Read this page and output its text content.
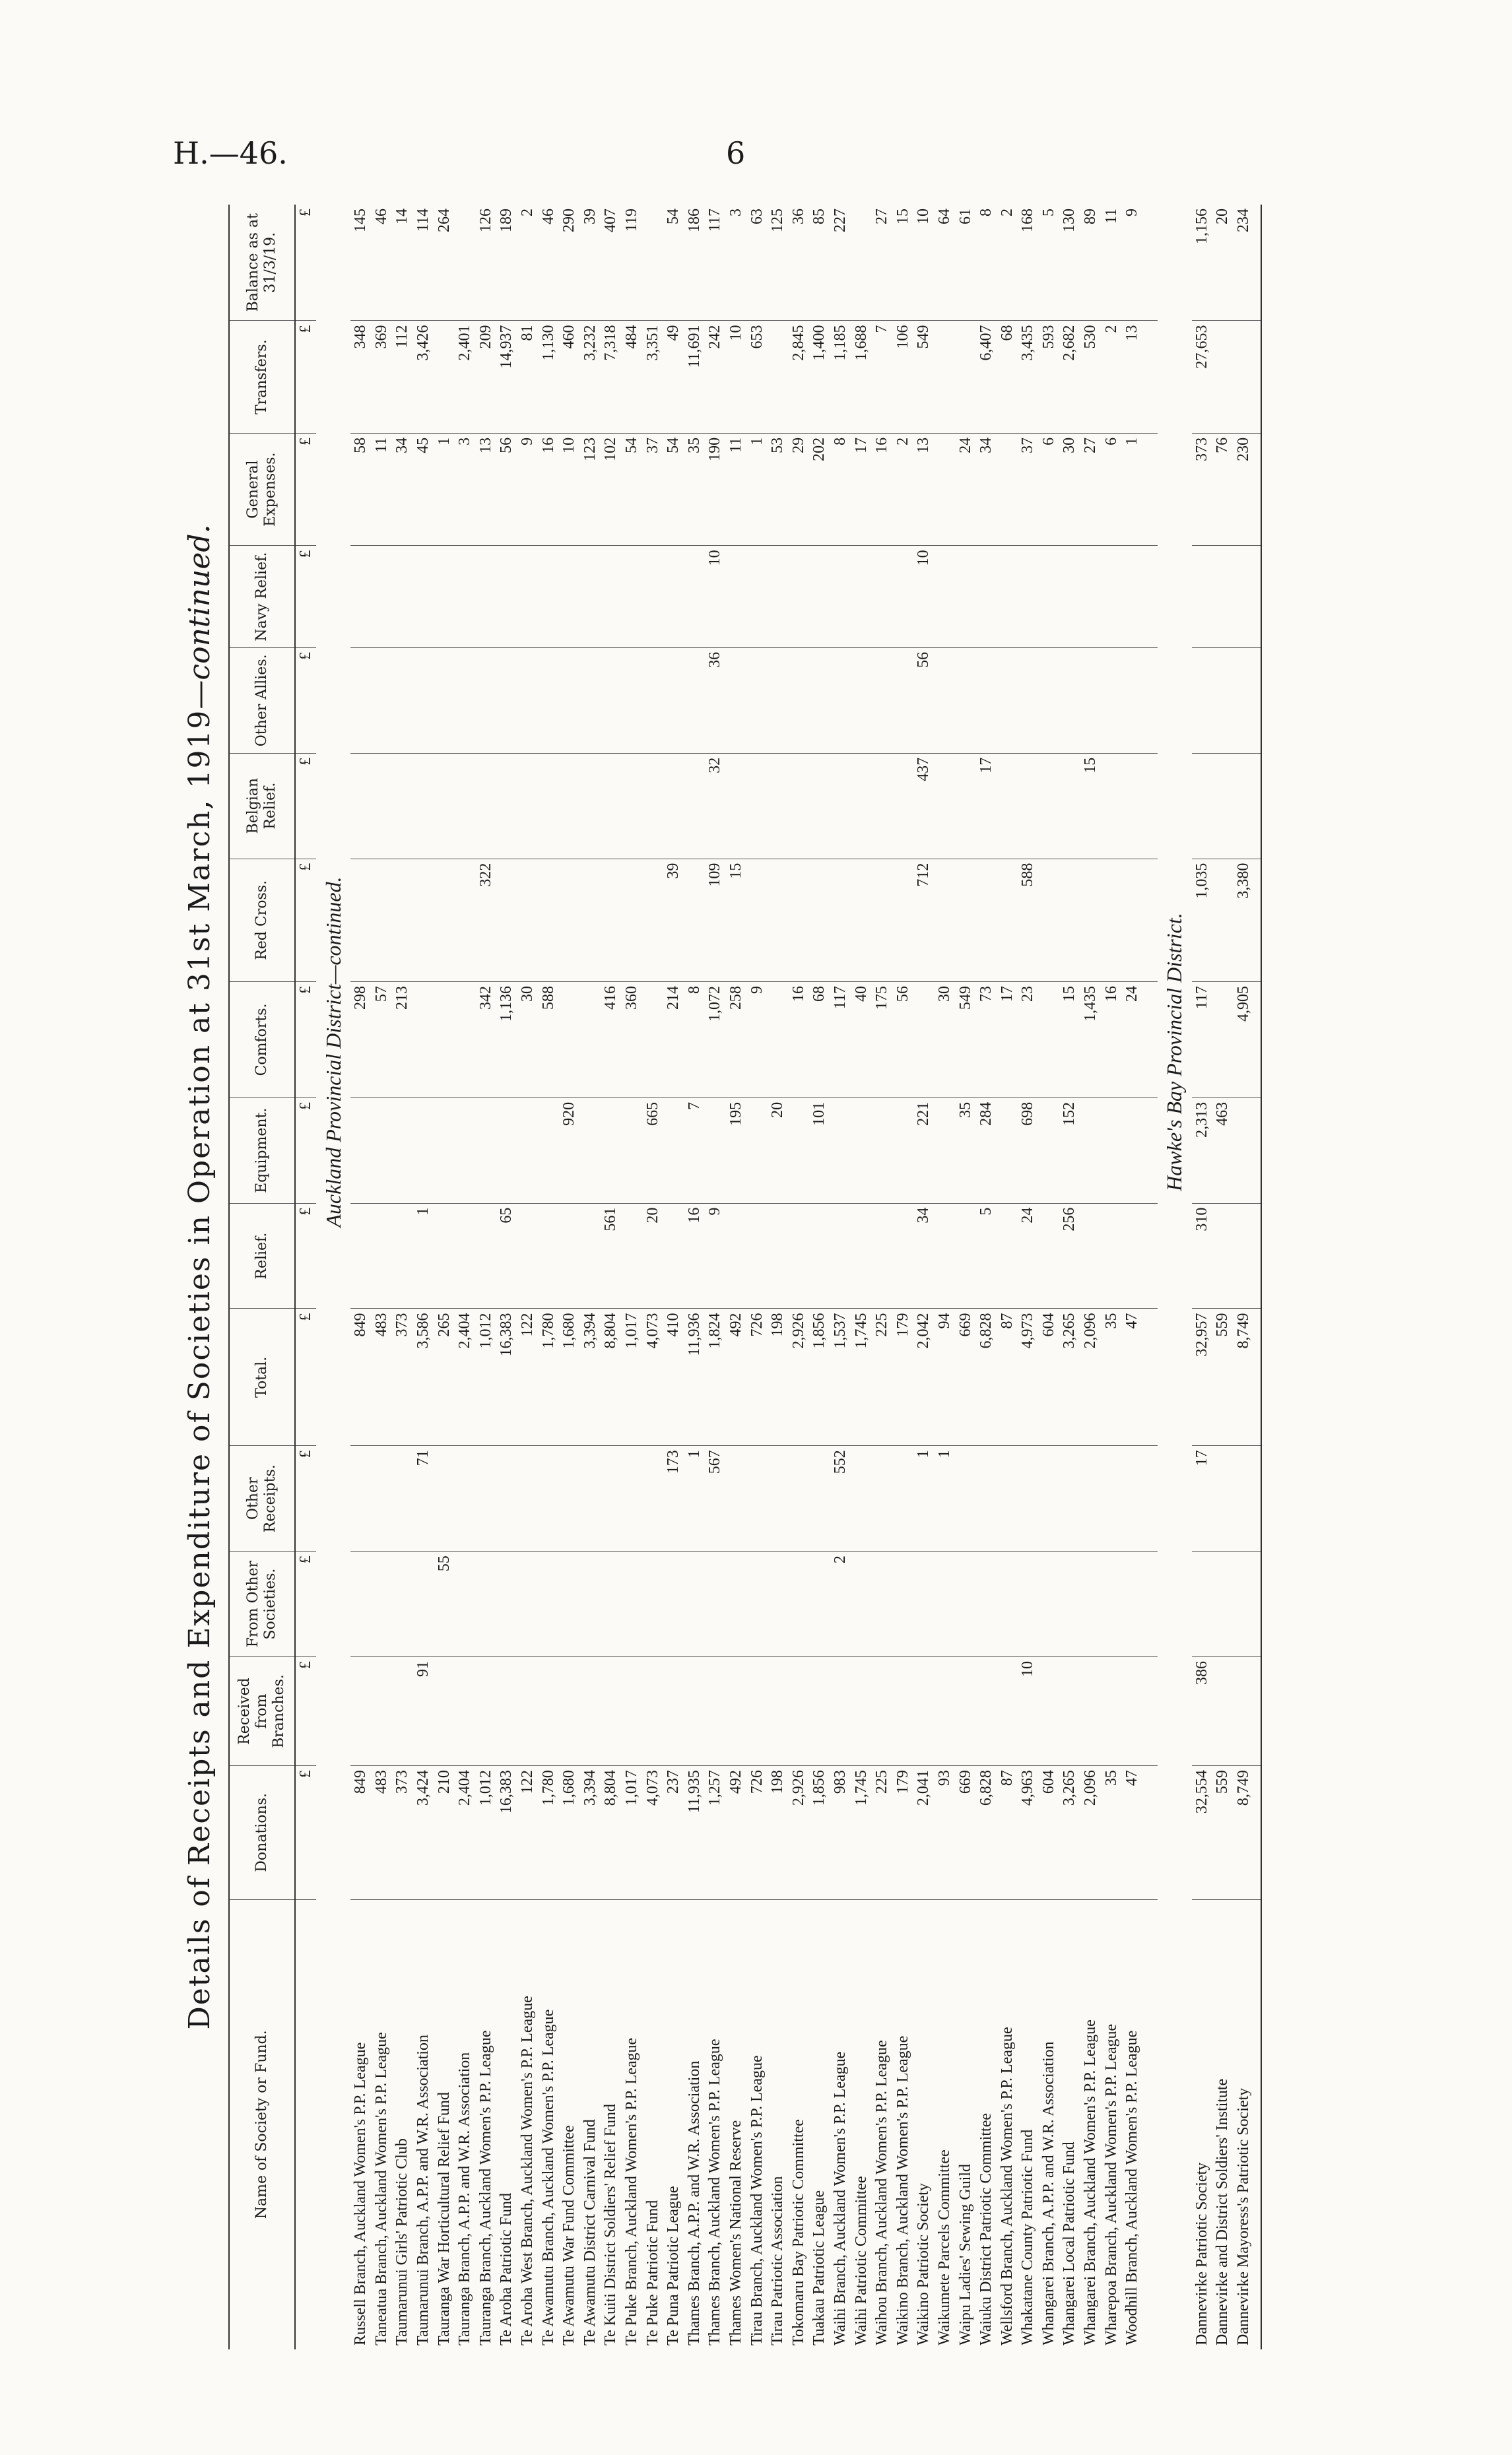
H.—46.	6
Details of Receipts and Expenditure of Societies in Operation at 31st March, 1919—continued.
Name of Society or Fund.	Donations.	Received from Branches.	From Other Societies.	Other Receipts.	Total.	Relief.	Equipment.	Comforts.	Red Cross.	Belgian Relief.	Other Allies.	Navy Relief.	General Expenses.	Transfers.	Balance as at 31/3/19.
	£	£	£	£	£	£	£	£	£	£	£	£	£	£	£
	Auckland Provincial District—continued.														
Russell Branch, Auckland Women's P.P. League	849				849			298					58	348	145
Taneatua Branch, Auckland Women's P.P. League	483				483			57					11	369	46
Taumarunui Girls' Patriotic Club	373				373			213					34	112	14
Taumarunui Branch, A.P.P. and W.R. Association	3,424	91		71	3,586	1							45	3,426	114
Tauranga War Horticultural Relief Fund	210		55		265								1		264
Tauranga Branch, A.P.P. and W.R. Association	2,404				2,404								3	2,401	
Tauranga Branch, Auckland Women's P.P. League	1,012				1,012			342	322				13	209	126
Te Aroha Patriotic Fund	16,383				16,383	65		1,136					56	14,937	189
Te Aroha West Branch, Auckland Women's P.P. League	122				122			30					9	81	2
Te Awamutu Branch, Auckland Women's P.P. League	1,780				1,780			588					16	1,130	46
Te Awamutu War Fund Committee	1,680				1,680		920						10	460	290
Te Awamutu District Carnival Fund	3,394				3,394								123	3,232	39
Te Kuiti District Soldiers' Relief Fund	8,804				8,804	561		416					102	7,318	407
Te Puke Branch, Auckland Women's P.P. League	1,017				1,017			360					54	484	119
Te Puke Patriotic Fund	4,073				4,073	20	665						37	3,351	
Te Puna Patriotic League	237			173	410			214	39				54	49	54
Thames Branch, A.P.P. and W.R. Association	11,935			1	11,936	16	7	8					35	11,691	186
Thames Branch, Auckland Women's P.P. League	1,257			567	1,824	9		1,072	109	32	36	10	190	242	117
Thames Women's National Reserve	492				492		195	258	15				11	10	3
Tirau Branch, Auckland Women's P.P. League	726				726			9					1	653	63
Tirau Patriotic Association	198				198		20						53		125
Tokomaru Bay Patriotic Committee	2,926				2,926			16					29	2,845	36
Tuakau Patriotic League	1,856				1,856		101	68					202	1,400	85
Waihi Branch, Auckland Women's P.P. League	983		2	552	1,537			117					8	1,185	227
Waihi Patriotic Committee	1,745				1,745			40					17	1,688	
Waihou Branch, Auckland Women's P.P. League	225				225			175					16	7	27
Waikino Branch, Auckland Women's P.P. League	179				179			56					2	106	15
Waikino Patriotic Society	2,041			1	2,042	34	221		712	437	56	10	13	549	10
Waikumete Parcels Committee	93			1	94			30							64
Waipu Ladies' Sewing Guild	669				669		35	549					24		61
Waiuku District Patriotic Committee	6,828				6,828	5	284	73		17			34	6,407	8
Wellsford Branch, Auckland Women's P.P. League	87				87			17						68	2
Whakatane County Patriotic Fund	4,963	10			4,973	24	698	23	588				37	3,435	168
Whangarei Branch, A.P.P. and W.R. Association	604				604								6	593	5
Whangarei Local Patriotic Fund	3,265				3,265	256	152	15					30	2,682	130
Whangarei Branch, Auckland Women's P.P. League	2,096				2,096			1,435		15			27	530	89
Wharepoa Branch, Auckland Women's P.P. League	35				35			16					6	2	11
Woodhill Branch, Auckland Women's P.P. League	47				47			24					1	13	9

	Hawke's Bay Provincial District.														
Dannevirke Patriotic Society	32,554	386		17	32,957	310	2,313	117	1,035				373	27,653	1,156
Dannevirke and District Soldiers' Institute	559				559		463						76		20
Dannevirke Mayoress's Patriotic Society	8,749				8,749			4,905	3,380				230		234
